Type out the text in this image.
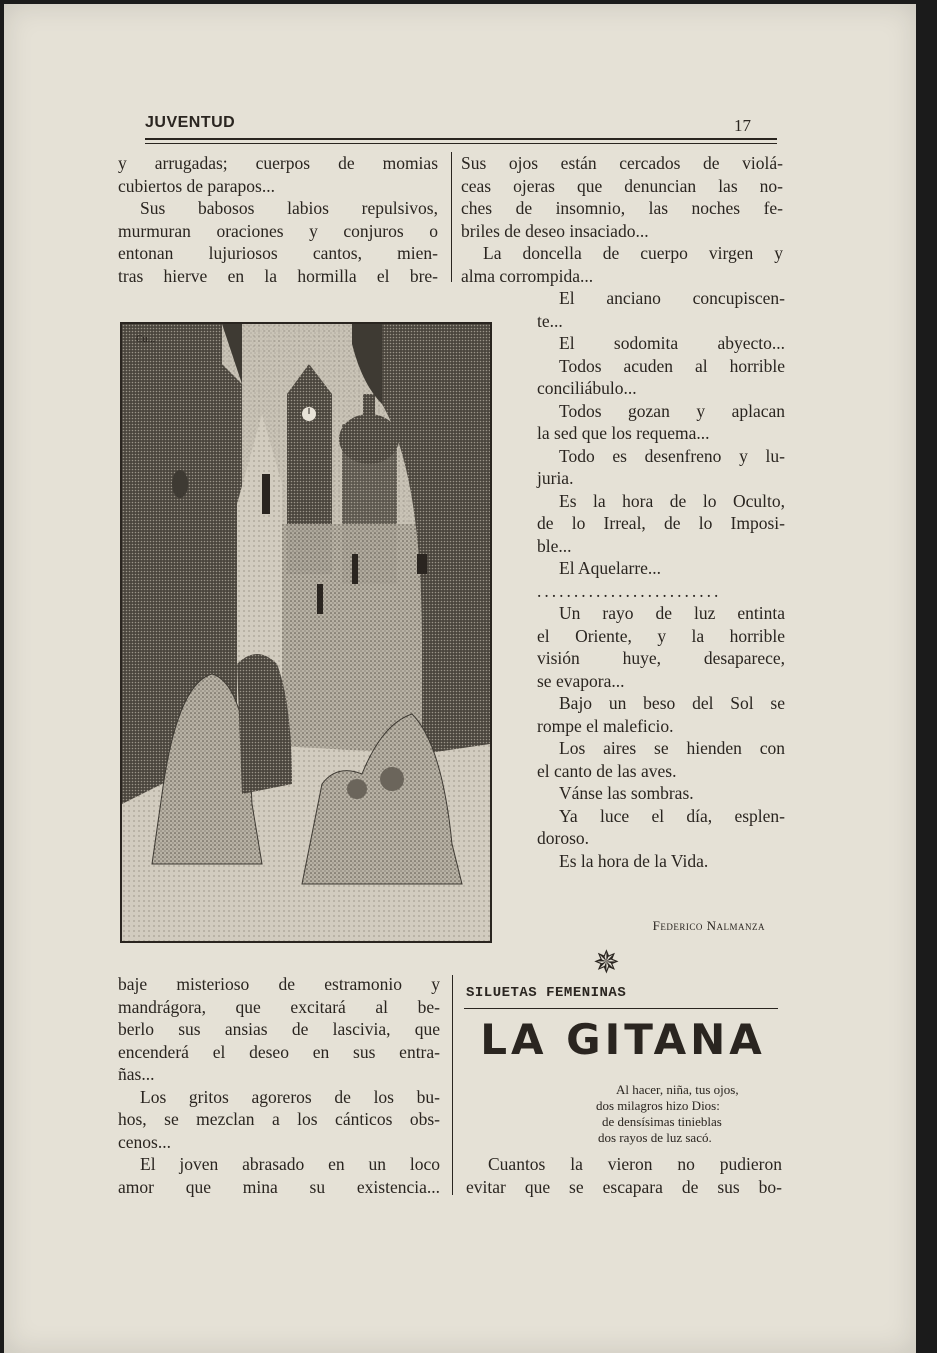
JUVENTUD	17

y arrugadas; cuerpos de momias

cubiertos de parapos...

Sus babosos labios repulsivos,

murmuran oraciones y conjuros o

entonan lujuriosos cantos, mien-

tras hierve en la hormilla el bre-

Sus ojos están cercados de violá-

ceas ojeras que denuncian las no-

ches de insomnio, las noches fe-

briles de deseo insaciado...

La doncella de cuerpo virgen y

alma corrompida...

Cu...

El anciano concupiscen-

te...

El sodomita abyecto...

Todos acuden al horrible

conciliábulo...

Todos gozan y aplacan

la sed que los requema...

Todo es desenfreno y lu-

juria.

Es la hora de lo Oculto,

de lo Irreal, de lo Imposi-

ble...

El Aquelarre...

.........................

Un rayo de luz entinta

el Oriente, y la horrible

visión huye, desaparece,

se evapora...

Bajo un beso del Sol se

rompe el maleficio.

Los aires se hienden con

el canto de las aves.

Vánse las sombras.

Ya luce el día, esplen-

doroso.

Es la hora de la Vida.

Federico Nalmanza
✵

baje misterioso de estramonio y

mandrágora, que excitará al be-

berlo sus ansias de lascivia, que

encenderá el deseo en sus entra-

ñas...

Los gritos agoreros de los bu-

hos, se mezclan a los cánticos obs-

cenos...

El joven abrasado en un loco

amor que mina su existencia...

SILUETAS FEMENINAS
LA GITANA
Al hacer, niña, tus ojos,
dos milagros hizo Dios:
de densísimas tinieblas
dos rayos de luz sacó.

Cuantos la vieron no pudieron

evitar que se escapara de sus bo-
